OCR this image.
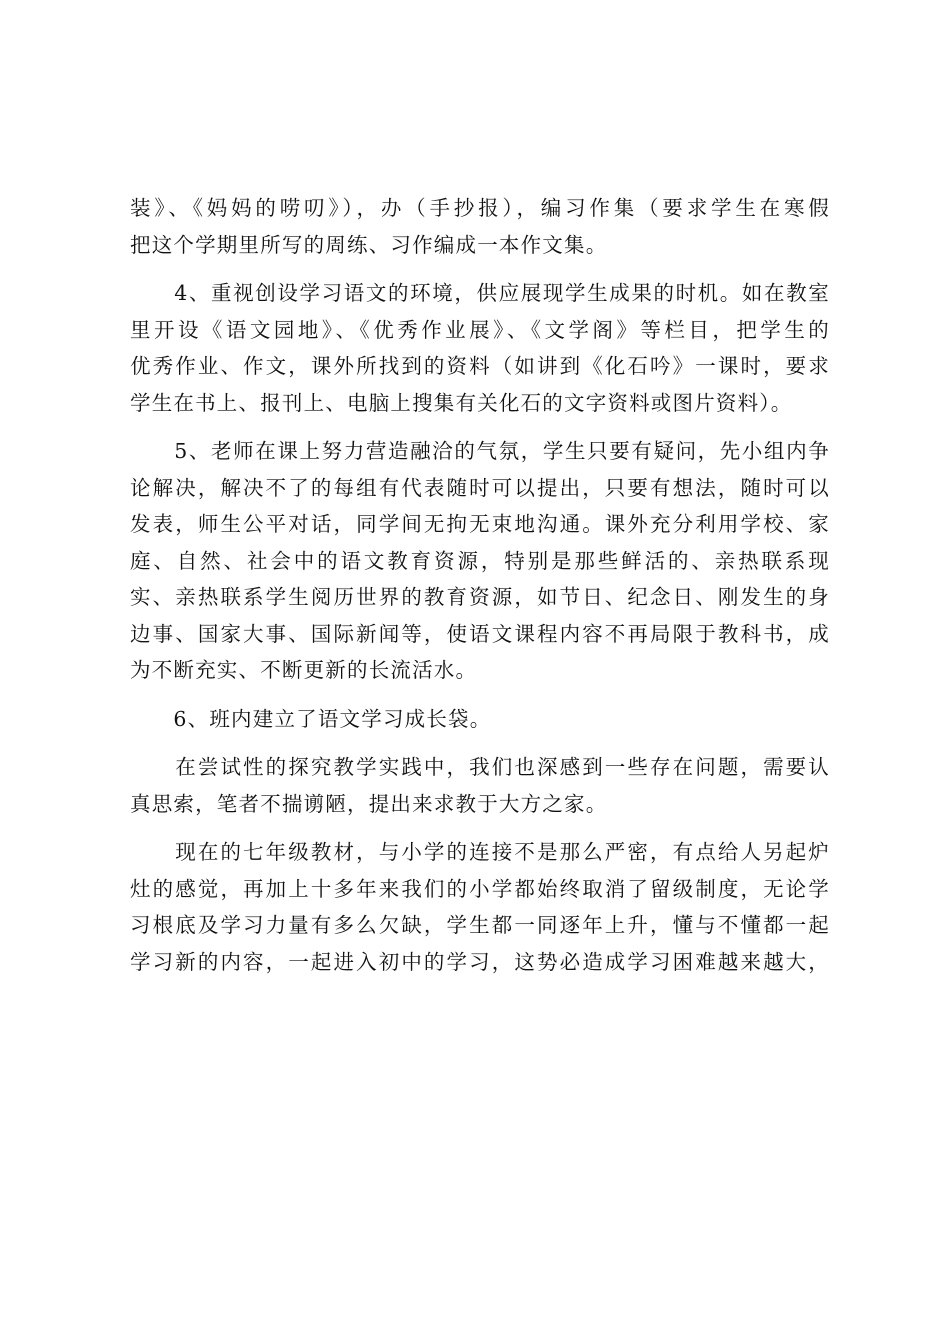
装》、《妈妈的唠叨》），办（手抄报），编习作集（要求学生在寒假
把这个学期里所写的周练、习作编成一本作文集。
　　4、重视创设学习语文的环境，供应展现学生成果的时机。如在教室
里开设《语文园地》、《优秀作业展》、《文学阁》等栏目，把学生的
优秀作业、作文，课外所找到的资料（如讲到《化石吟》一课时，要求
学生在书上、报刊上、电脑上搜集有关化石的文字资料或图片资料）。
　　5、老师在课上努力营造融洽的气氛，学生只要有疑问，先小组内争
论解决，解决不了的每组有代表随时可以提出，只要有想法，随时可以
发表，师生公平对话，同学间无拘无束地沟通。课外充分利用学校、家
庭、自然、社会中的语文教育资源，特别是那些鲜活的、亲热联系现
实、亲热联系学生阅历世界的教育资源，如节日、纪念日、刚发生的身
边事、国家大事、国际新闻等，使语文课程内容不再局限于教科书，成
为不断充实、不断更新的长流活水。
　　6、班内建立了语文学习成长袋。
　　在尝试性的探究教学实践中，我们也深感到一些存在问题，需要认
真思索，笔者不揣谫陋，提出来求教于大方之家。
　　现在的七年级教材，与小学的连接不是那么严密，有点给人另起炉
灶的感觉，再加上十多年来我们的小学都始终取消了留级制度，无论学
习根底及学习力量有多么欠缺，学生都一同逐年上升，懂与不懂都一起
学习新的内容，一起进入初中的学习，这势必造成学习困难越来越大，
